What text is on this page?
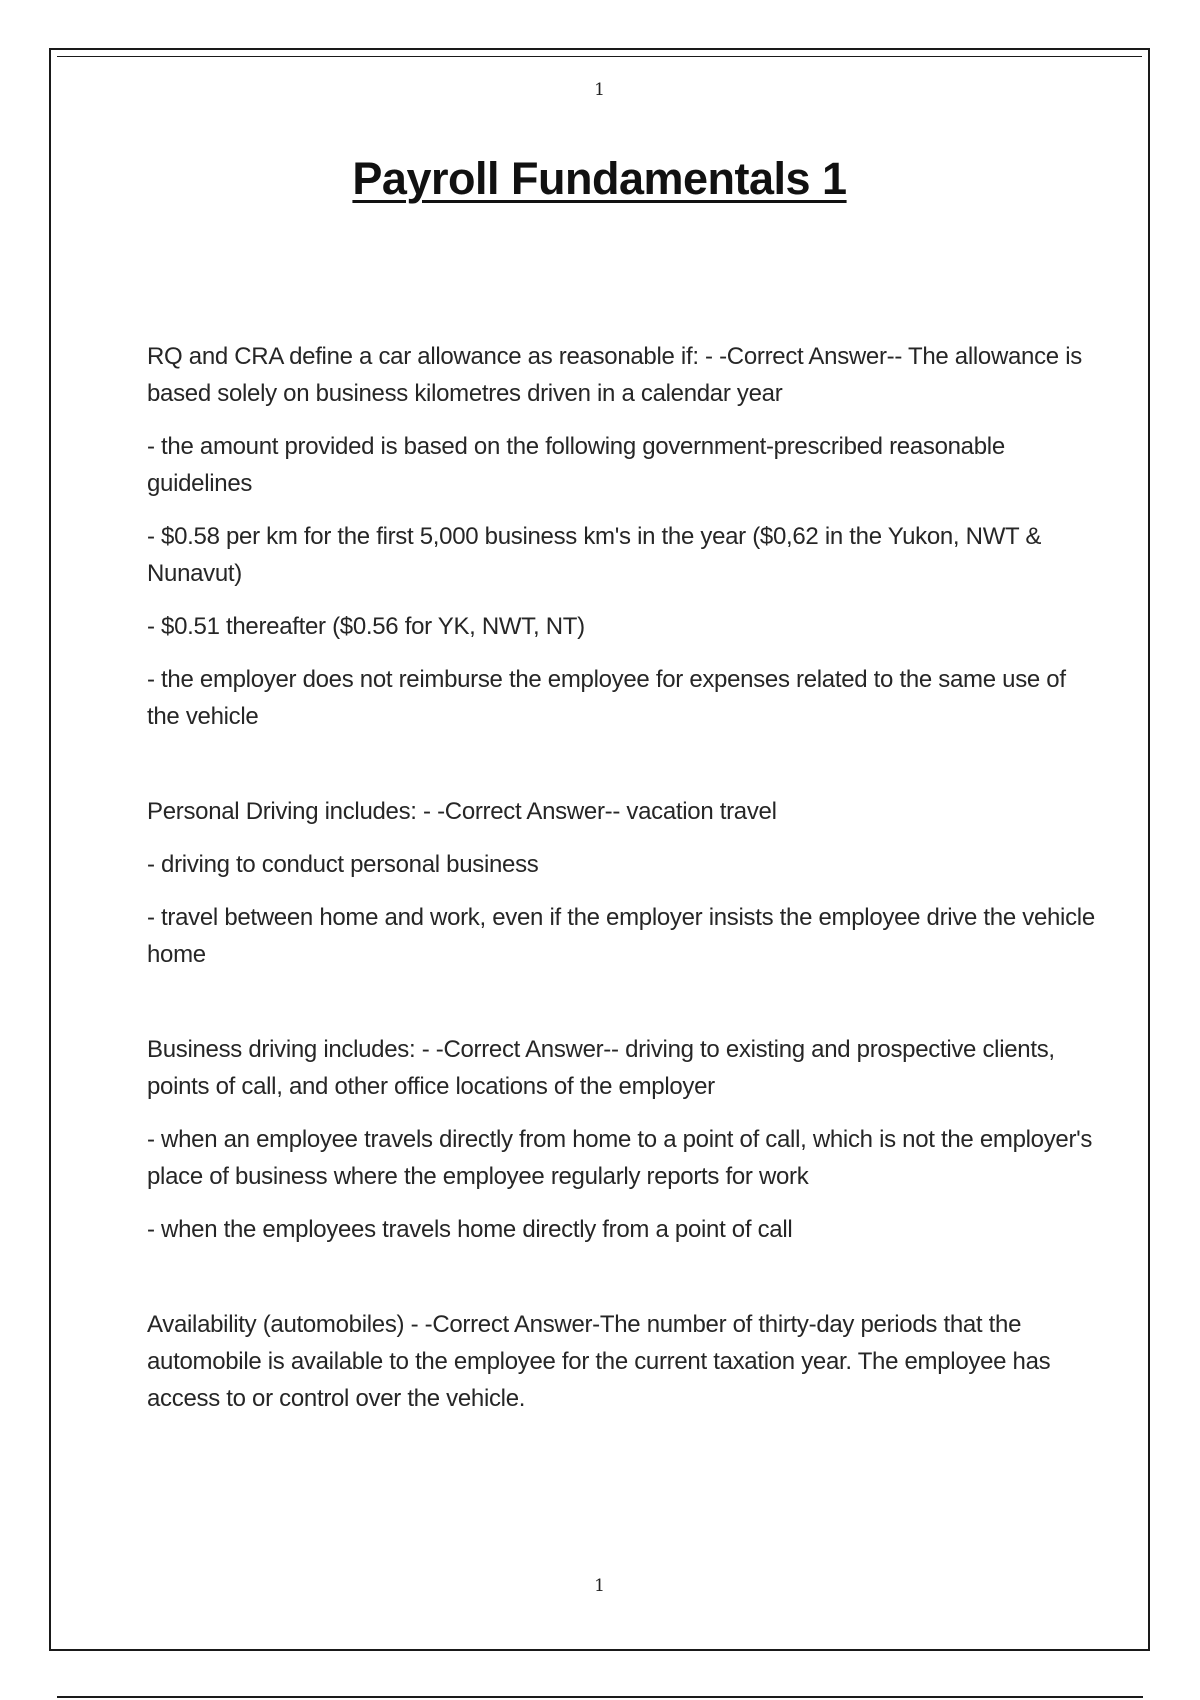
1
Payroll Fundamentals 1

RQ and CRA define a car allowance as reasonable if: - -Correct Answer-- The allowance is based solely on business kilometres driven in a calendar year

- the amount provided is based on the following government-prescribed reasonable guidelines

- $0.58 per km for the first 5,000 business km's in the year ($0,62 in the Yukon, NWT & Nunavut)

- $0.51 thereafter ($0.56 for YK, NWT, NT)

- the employer does not reimburse the employee for expenses related to the same use of the vehicle

Personal Driving includes: - -Correct Answer-- vacation travel

- driving to conduct personal business

- travel between home and work, even if the employer insists the employee drive the vehicle home

Business driving includes: - -Correct Answer-- driving to existing and prospective clients, points of call, and other office locations of the employer

- when an employee travels directly from home to a point of call, which is not the employer's place of business where the employee regularly reports for work

- when the employees travels home directly from a point of call

Availability (automobiles) - -Correct Answer-The number of thirty-day periods that the automobile is available to the employee for the current taxation year. The employee has access to or control over the vehicle.

1
